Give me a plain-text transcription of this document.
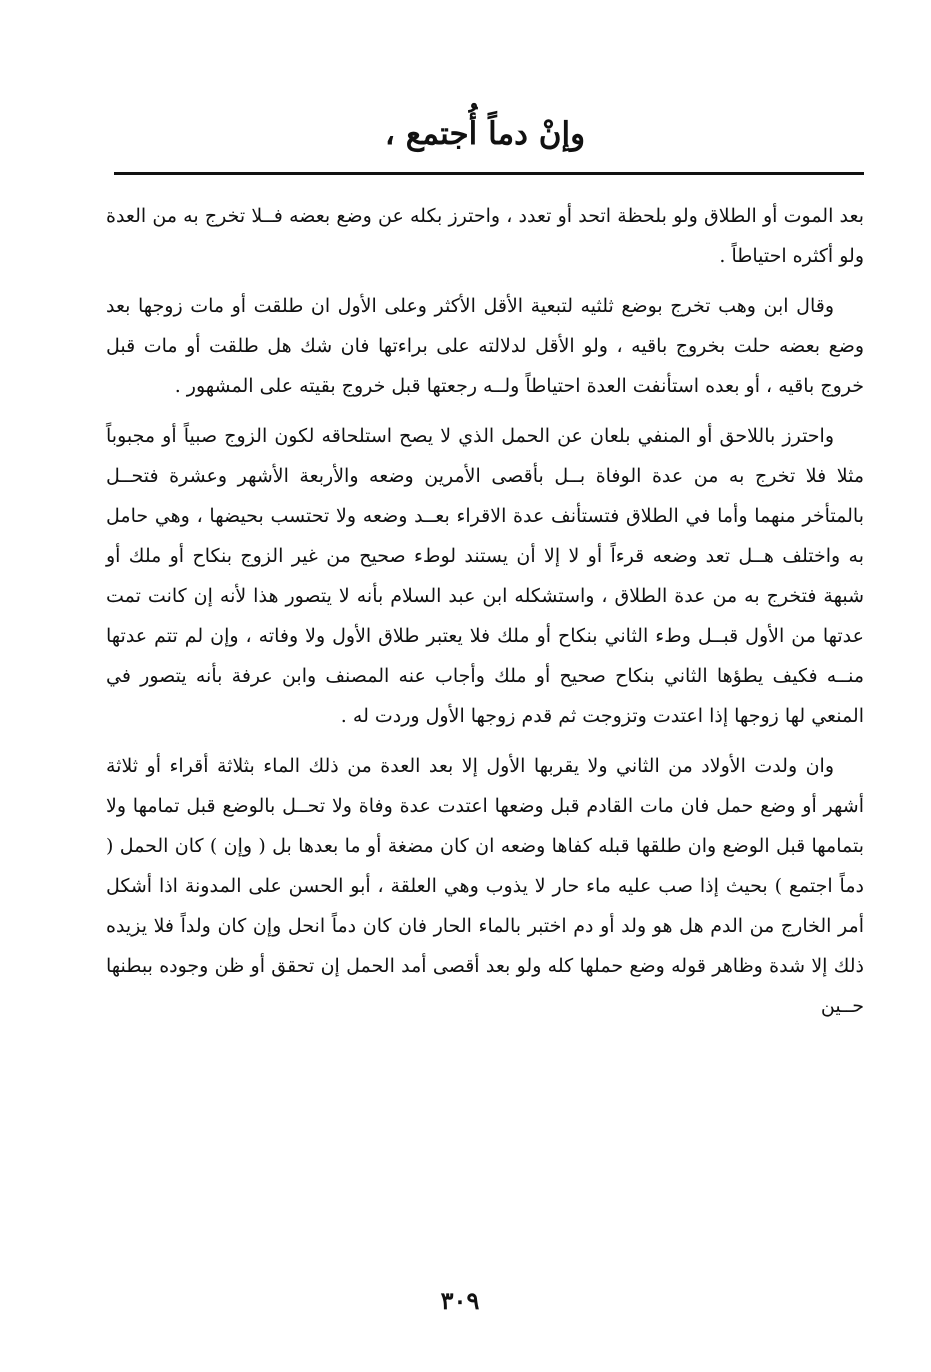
وإنْ دماً أُجتمع ،

بعد الموت أو الطلاق ولو بلحظة اتحد أو تعدد ، واحترز بكله عن وضع بعضه فــلا تخرج به من العدة ولو أكثره احتياطاً .

وقال ابن وهب تخرج بوضع ثلثيه لتبعية الأقل الأكثر وعلى الأول ان طلقت أو مات زوجها بعد وضع بعضه حلت بخروج باقيه ، ولو الأقل لدلالته على براءتها فان شك هل طلقت أو مات قبل خروج باقيه ، أو بعده استأنفت العدة احتياطاً ولــه رجعتها قبل خروج بقيته على المشهور .

واحترز باللاحق أو المنفي بلعان عن الحمل الذي لا يصح استلحاقه لكون الزوج صبياً أو مجبوباً مثلا فلا تخرج به من عدة الوفاة بــل بأقصى الأمرين وضعه والأربعة الأشهر وعشرة فتحــل بالمتأخر منهما وأما في الطلاق فتستأنف عدة الاقراء بعــد وضعه ولا تحتسب بحيضها ، وهي حامل به واختلف هــل تعد وضعه قرءاً أو لا إلا أن يستند لوطء صحيح من غير الزوج بنكاح أو ملك أو شبهة فتخرج به من عدة الطلاق ، واستشكله ابن عبد السلام بأنه لا يتصور هذا لأنه إن كانت تمت عدتها من الأول قبــل وطء الثاني بنكاح أو ملك فلا يعتبر طلاق الأول ولا وفاته ، وإن لم تتم عدتها منــه فكيف يطؤها الثاني بنكاح صحيح أو ملك وأجاب عنه المصنف وابن عرفة بأنه يتصور في المنعي لها زوجها إذا اعتدت وتزوجت ثم قدم زوجها الأول وردت له .

وان ولدت الأولاد من الثاني ولا يقربها الأول إلا بعد العدة من ذلك الماء بثلاثة أقراء أو ثلاثة أشهر أو وضع حمل فان مات القادم قبل وضعها اعتدت عدة وفاة ولا تحــل بالوضع قبل تمامها ولا بتمامها قبل الوضع وان طلقها قبله كفاها وضعه ان كان مضغة أو ما بعدها بل ( وإن ) كان الحمل ( دماً اجتمع ) بحيث إذا صب عليه ماء حار لا يذوب وهي العلقة ، أبو الحسن على المدونة اذا أشكل أمر الخارج من الدم هل هو ولد أو دم اختبر بالماء الحار فان كان دماً انحل وإن كان ولداً فلا يزيده ذلك إلا شدة وظاهر قوله وضع حملها كله ولو بعد أقصى أمد الحمل إن تحقق أو ظن وجوده ببطنها حــين

٣٠٩
